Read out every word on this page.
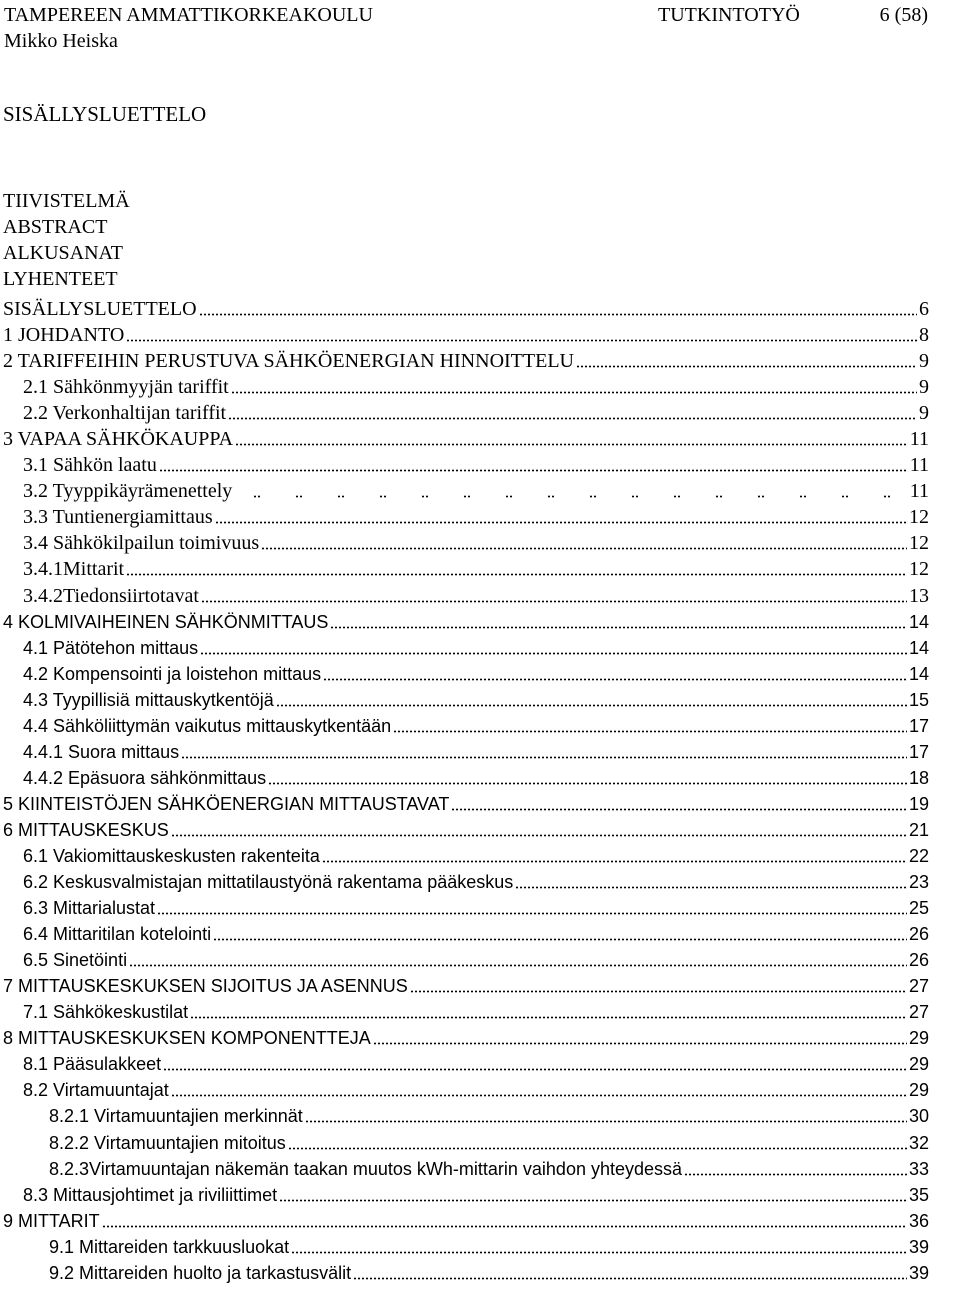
TAMPEREEN AMMATTIKORKEAKOULU	TUTKINTOTYÖ	6 (58)
Mikko Heiska
SISÄLLYSLUETTELO
TIIVISTELMÄ
ABSTRACT
ALKUSANAT
LYHENTEET
SISÄLLYSLUETTELO	6
1 JOHDANTO	8
2 TARIFFEIHIN PERUSTUVA SÄHKÖENERGIAN HINNOITTELU	9
2.1 Sähkönmyyjän tariffit	9
2.2 Verkonhaltijan tariffit	9
3 VAPAA SÄHKÖKAUPPA	11
3.1 Sähkön laatu	11
3.2 Tyyppikäyrämenettely	11
3.3 Tuntienergiamittaus	12
3.4 Sähkökilpailun toimivuus	12
3.4.1Mittarit	12
3.4.2Tiedonsiirtotavat	13
4 KOLMIVAIHEINEN SÄHKÖNMITTAUS	14
4.1 Pätötehon mittaus	14
4.2 Kompensointi ja loistehon mittaus	14
4.3 Tyypillisiä mittauskytkentöjä	15
4.4 Sähköliittymän vaikutus mittauskytkentään	17
4.4.1 Suora mittaus	17
4.4.2 Epäsuora sähkönmittaus	18
5 KIINTEISTÖJEN SÄHKÖENERGIAN MITTAUSTAVAT	19
6 MITTAUSKESKUS	21
6.1 Vakiomittauskeskusten rakenteita	22
6.2 Keskusvalmistajan mittatilaustyönä rakentama pääkeskus	23
6.3 Mittarialustat	25
6.4 Mittaritilan kotelointi	26
6.5 Sinetöinti	26
7 MITTAUSKESKUKSEN SIJOITUS JA ASENNUS	27
7.1 Sähkökeskustilat	27
8 MITTAUSKESKUKSEN KOMPONENTTEJA	29
8.1 Pääsulakkeet	29
8.2 Virtamuuntajat	29
8.2.1 Virtamuuntajien merkinnät	30
8.2.2 Virtamuuntajien mitoitus	32
8.2.3Virtamuuntajan näkemän taakan muutos kWh-mittarin vaihdon yhteydessä	33
8.3 Mittausjohtimet ja riviliittimet	35
9 MITTARIT	36
9.1 Mittareiden tarkkuusluokat	39
9.2 Mittareiden huolto ja tarkastusvälit	39
